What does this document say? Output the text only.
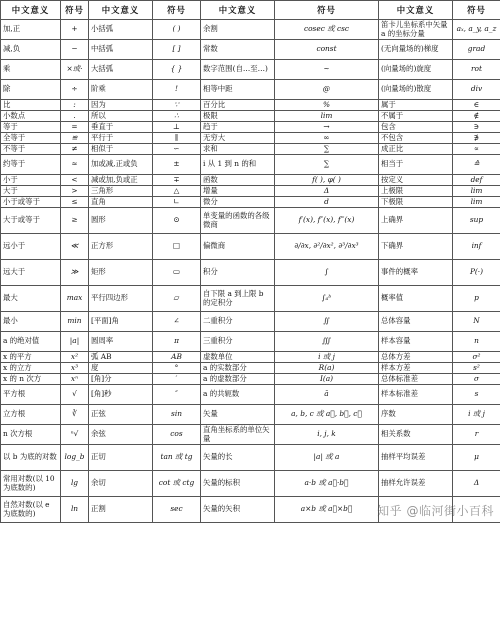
中文意义	符号	中文意义	符号	中文意义	符号	中文意义	符号
加,正	+	小括弧	( )	余割	cosec 或 csc	笛卡儿坐标系中矢量 a 的坐标分量	aₓ, a_y, a_z
减,负	−	中括弧	[ ]	常数	const	(无向量场的)梯度	grad
乘	×或·	大括弧	{ }	数字范围(自…至…)	~	(向量场的)旋度	rot
除	÷	阶乘	!	相等中距	@	(向量场的)散度	div
比	:	因为	∵	百分比	%	属于	∈
小数点	.	所以	∴	极限	lim	不属于	∉
等于	=	垂直于	⊥	趋于	→	包含	∋
全等于	≌	平行于	∥	无穷大	∞	不包含	∌
不等于	≠	相似于	∽	求和	∑	成正比	∝
约等于	≈	加或减,正或负	±	i 从 1 到 n 的和	∑	相当于	≙
小于	<	减或加,负或正	∓	函数	f( ), φ( )	按定义	def
大于	>	三角形	△	增量	Δ	上极限	lim
小于或等于	≤	直角	∟	微分	d	下极限	lim
大于或等于	≥	圆形	⊙	单变量的函数的各级微商	f′(x), f″(x), f‴(x)	上确界	sup
远小于	≪	正方形	□	偏微商	∂/∂x, ∂²/∂x², ∂³/∂x³	下确界	inf
远大于	≫	矩形	▭	积分	∫	事件的概率	P(·)
最大	max	平行四边形	▱	自下限 a 到上限 b 的定积分	∫ₐᵇ	概率值	p
最小	min	[平面]角	∠	二重积分	∬	总体容量	N
a 的绝对值	|a|	圆周率	π	三重积分	∭	样本容量	n
x 的平方	x²	弧 AB	AB	虚数单位	i 或 j	总体方差	σ²
x 的立方	x³	度	°	a 的实数部分	R(a)	样本方差	s²
x 的 n 次方	xⁿ	[角]分	′	a 的虚数部分	I(a)	总体标准差	σ
平方根	√	[角]秒	″	a 的共轭数	ā	样本标准差	s
立方根	∛	正弦	sin	矢量	a, b, c 或 a⃗, b⃗, c⃗	序数	i 或 j
n 次方根	ⁿ√	余弦	cos	直角坐标系的单位矢量	i, j, k	相关系数	r
以 b 为底的对数	log_b	正切	tan 或 tg	矢量的长	|a| 或 a	抽样平均误差	μ
常用对数(以 10 为底数的)	lg	余切	cot 或 ctg	矢量的标积	a·b 或 a⃗·b⃗	抽样允许误差	Δ
自然对数(以 e 为底数的)	ln	正割	sec	矢量的矢积	a×b 或 a⃗×b⃗		知乎 @临河街小百科
